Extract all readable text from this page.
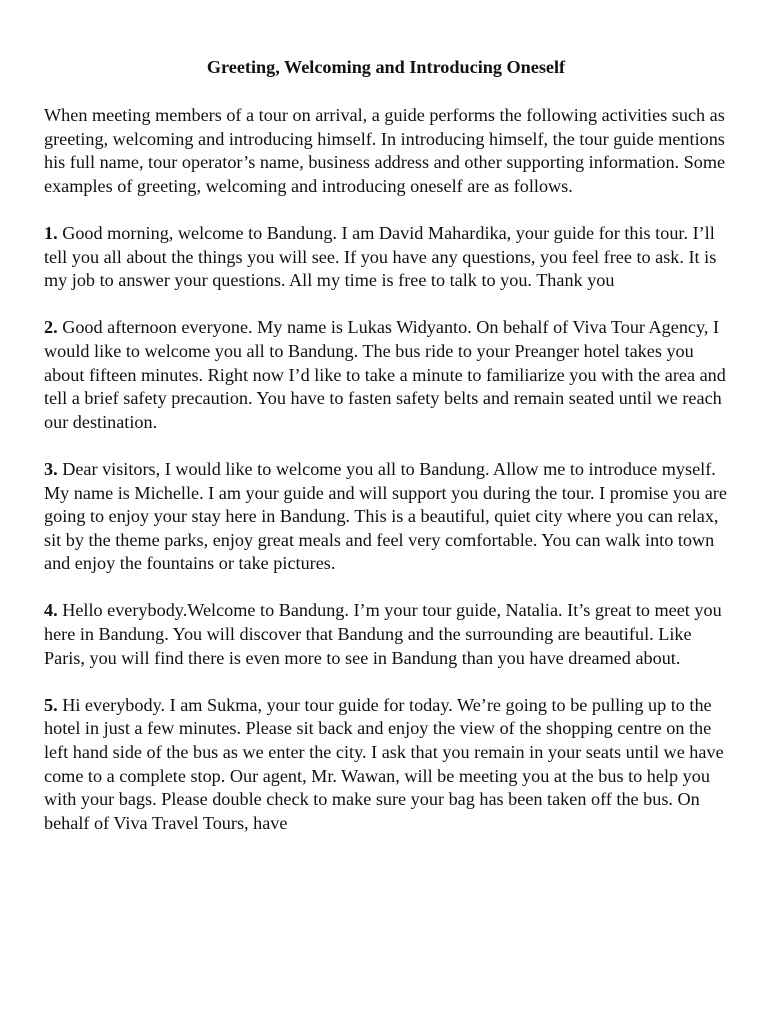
Greeting, Welcoming and Introducing Oneself

When meeting members of a tour on arrival, a guide performs the following activities such as greeting, welcoming and introducing himself. In introducing himself, the tour guide mentions his full name, tour operator’s name, business address and other supporting information. Some examples of greeting, welcoming and introducing oneself are as follows.

1. Good morning, welcome to Bandung. I am David Mahardika, your guide for this tour. I’ll tell you all about the things you will see. If you have any questions, you feel free to ask. It is my job to answer your questions. All my time is free to talk to you. Thank you

2. Good afternoon everyone. My name is Lukas Widyanto. On behalf of Viva Tour Agency, I would like to welcome you all to Bandung. The bus ride to your Preanger hotel takes you about fifteen minutes. Right now I’d like to take a minute to familiarize you with the area and tell a brief safety precaution. You have to fasten safety belts and remain seated until we reach our destination.

3. Dear visitors, I would like to welcome you all to Bandung. Allow me to introduce myself. My name is Michelle. I am your guide and will support you during the tour. I promise you are going to enjoy your stay here in Bandung. This is a beautiful, quiet city where you can relax, sit by the theme parks, enjoy great meals and feel very comfortable. You can walk into town and enjoy the fountains or take pictures.

4. Hello everybody.Welcome to Bandung. I’m your tour guide, Natalia. It’s great to meet you here in Bandung. You will discover that Bandung and the surrounding are beautiful. Like Paris, you will find there is even more to see in Bandung than you have dreamed about.

5. Hi everybody. I am Sukma, your tour guide for today. We’re going to be pulling up to the hotel in just a few minutes. Please sit back and enjoy the view of the shopping centre on the left hand side of the bus as we enter the city. I ask that you remain in your seats until we have come to a complete stop. Our agent, Mr. Wawan, will be meeting you at the bus to help you with your bags. Please double check to make sure your bag has been taken off the bus. On behalf of Viva Travel Tours, have
